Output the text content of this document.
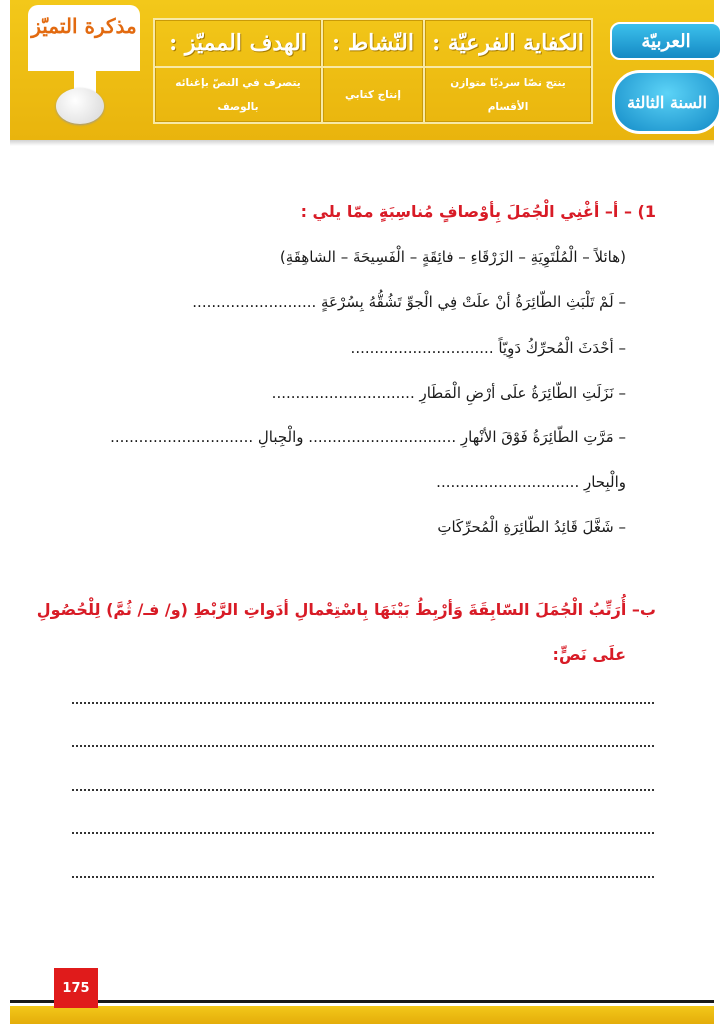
مذكرة التميّز
الهدف المميّز :
يتصرف في النصّ بإغنائه بالوصف
النّشاط :
إنتاج كتابي
الكفاية الفرعيّة :
ينتج نصّا سرديّا متوازن الأقسام
العربيّة
السنة الثالثة
1) – أ– أغْنِي الْجُمَلَ بِأوْصافٍ مُناسِبَةٍ ممّا يلي :
(هائلاً – الْمُلْتَوِيَةِ – الزَرْقَاءِ – فائِقَةٍ – الْفَسِيحَةَ – الشاهِقَةِ)
– لَمْ تَلْبَثِ الطّائِرَةُ أنْ علَتْ فِي الْجوِّ تَشُقُّهُ بِسُرْعَةٍ ..........................
– أحْدَثَ الْمُحرِّكُ دَوِيّاً ..............................
– نَزَلَتِ الطّائِرَةُ علَى أرْضِ الْمَطَارِ ..............................
– مَرَّتِ الطّائِرَةُ فَوْقَ الأنْهارِ ............................... والْجِبالِ ..............................
والْبِحارِ ..............................
– شَغَّلَ قَائِدُ الطّائِرَةِ الْمُحرِّكَاتِ
ب– أُرَتِّبُ الْجُمَلَ السّابِقَةَ وَأرْبِطُ بَيْنَهَا بِاسْتِعْمالِ أدَواتِ الرَّبْطِ (و/ فـ/ ثُمَّ) لِلْحُصُولِ
علَى نَصٍّ:
175
